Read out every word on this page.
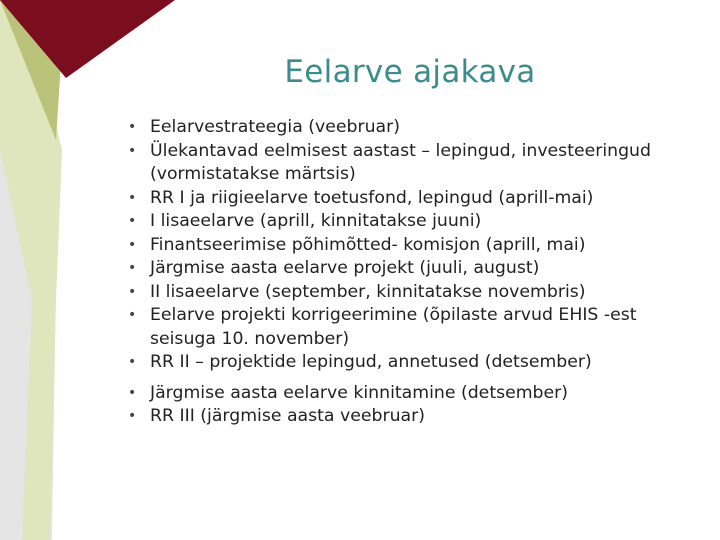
Eelarve ajakava
• Eelarvestrateegia (veebruar)
• Ülekantavad eelmisest aastast – lepingud, investeeringud (vormistatakse märtsis)
• RR I ja riigieelarve toetusfond, lepingud (aprill-mai)
• I lisaeelarve (aprill, kinnitatakse juuni)
• Finantseerimise põhimõtted- komisjon (aprill, mai)
• Järgmise aasta eelarve projekt (juuli, august)
• II lisaeelarve (september, kinnitatakse novembris)
• Eelarve projekti korrigeerimine (õpilaste arvud EHIS -est seisuga 10. november)
• RR II – projektide lepingud, annetused (detsember)
• Järgmise aasta eelarve kinnitamine (detsember)
• RR III (järgmise aasta veebruar)
